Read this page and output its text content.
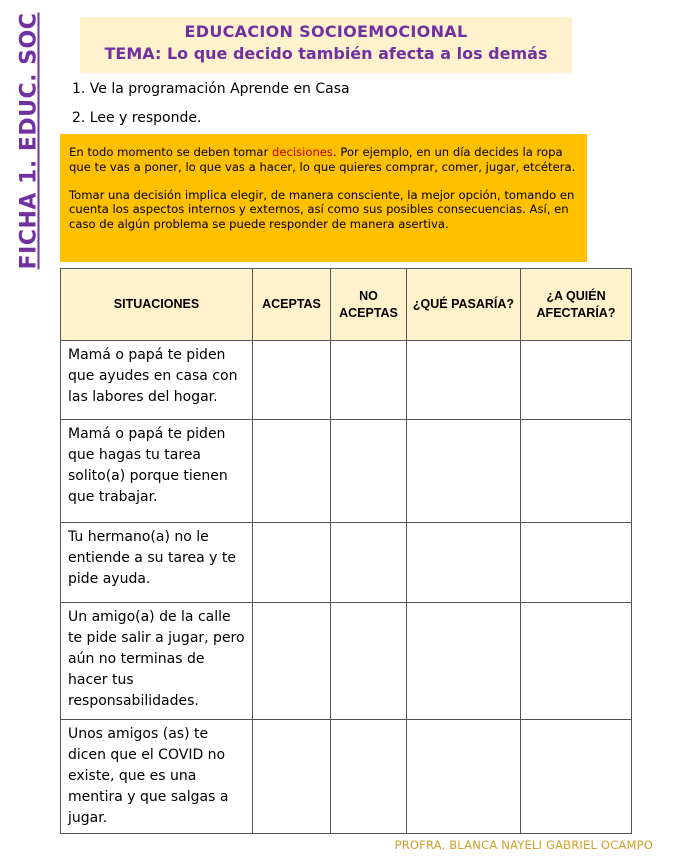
FICHA 1. EDUC. SOC	EDUCACION SOCIOEMOCIONAL
TEMA: Lo que decido también afecta a los demás
1. Ve la programación Aprende en Casa
2. Lee y responde.

En todo momento se deben tomar decisiones. Por ejemplo, en un día decides la ropa que te vas a poner, lo que vas a hacer, lo que quieres comprar, comer, jugar, etcétera.

Tomar una decisión implica elegir, de manera consciente, la mejor opción, tomando en cuenta los aspectos internos y externos, así como sus posibles consecuencias. Así, en caso de algún problema se puede responder de manera asertiva.

SITUACIONES	ACEPTAS	NO ACEPTAS	¿QUÉ PASARÍA?	¿A QUIÉN AFECTARÍA?
Mamá o papá te piden que ayudes en casa con las labores del hogar.				
Mamá o papá te piden que hagas tu tarea solito(a) porque tienen que trabajar.				
Tu hermano(a) no le entiende a su tarea y te pide ayuda.				
Un amigo(a) de la calle te pide salir a jugar, pero aún no terminas de hacer tus responsabilidades.				
Unos amigos (as) te dicen que el COVID no existe, que es una mentira y que salgas a jugar.				
PROFRA. BLANCA NAYELI GABRIEL OCAMPO
